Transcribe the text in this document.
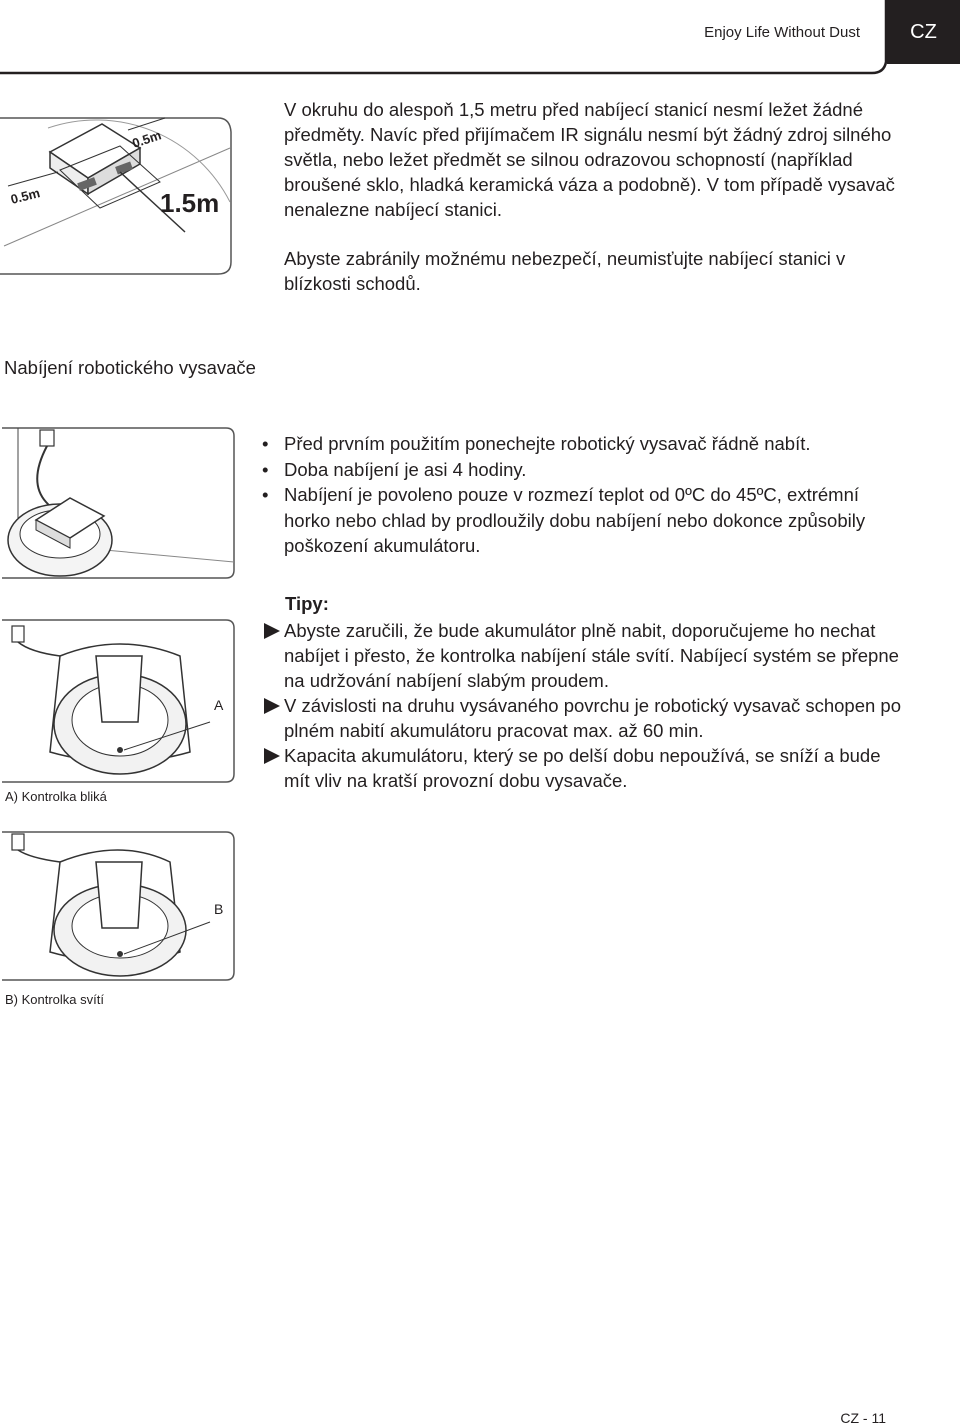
Enjoy Life Without Dust	CZ
0.5m
0.5m
1.5m
V okruhu do alespoň 1,5 metru před nabíjecí stanicí nesmí ležet žádné předměty. Navíc před přijímačem IR signálu nesmí být žádný zdroj silného světla, nebo ležet předmět se silnou odrazovou schopností (například broušené sklo, hladká keramická váza a podobně). V tom případě vysavač nenalezne nabíjecí stanici.
Abyste zabránily možnému nebezpečí, neumisťujte nabíjecí stanici v blízkosti schodů.
Nabíjení robotického vysavače
• Před prvním použitím ponechejte robotický vysavač řádně nabít.
• Doba nabíjení je asi 4 hodiny.
• Nabíjení je povoleno pouze v rozmezí teplot od 0ºC do 45ºC, extrémní horko nebo chlad by prodloužily dobu nabíjení nebo dokonce způsobily poškození akumulátoru.
A
A) Kontrolka bliká
Tipy:
Abyste zaručili, že bude akumulátor plně nabit, doporučujeme ho nechat nabíjet i přesto, že kontrolka nabíjení stále svítí. Nabíjecí systém se přepne na udržování nabíjení slabým proudem.
V závislosti na druhu vysávaného povrchu je robotický vysavač schopen po plném nabití akumulátoru pracovat max. až 60 min.
Kapacita akumulátoru, který se po delší dobu nepoužívá, se sníží a bude mít vliv na kratší provozní dobu vysavače.
B
B) Kontrolka svítí
CZ - 11
